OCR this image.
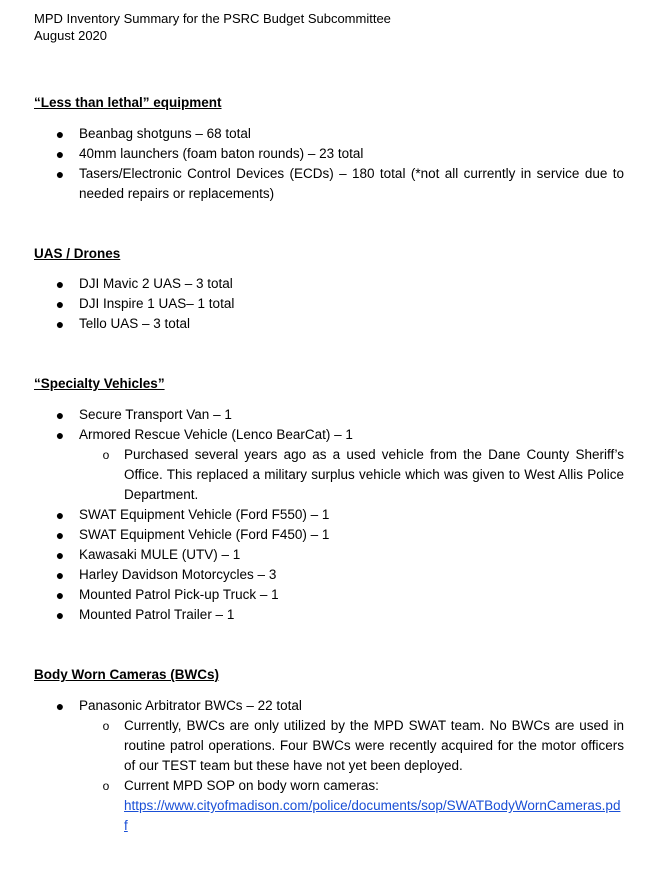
MPD Inventory Summary for the PSRC Budget Subcommittee
August 2020
“Less than lethal” equipment
● Beanbag shotguns – 68 total
● 40mm launchers (foam baton rounds) – 23 total
● Tasers/Electronic Control Devices (ECDs) – 180 total (*not all currently in service due to needed repairs or replacements)
UAS / Drones
● DJI Mavic 2 UAS – 3 total
● DJI Inspire 1 UAS– 1 total
● Tello UAS – 3 total
“Specialty Vehicles”
● Secure Transport Van – 1
● Armored Rescue Vehicle (Lenco BearCat) – 1
o Purchased several years ago as a used vehicle from the Dane County Sheriff’s Office. This replaced a military surplus vehicle which was given to West Allis Police Department.
● SWAT Equipment Vehicle (Ford F550) – 1
● SWAT Equipment Vehicle (Ford F450) – 1
● Kawasaki MULE (UTV) – 1
● Harley Davidson Motorcycles – 3
● Mounted Patrol Pick-up Truck – 1
● Mounted Patrol Trailer – 1
Body Worn Cameras (BWCs)
● Panasonic Arbitrator BWCs – 22 total
o Currently, BWCs are only utilized by the MPD SWAT team. No BWCs are used in routine patrol operations. Four BWCs were recently acquired for the motor officers of our TEST team but these have not yet been deployed.
o Current MPD SOP on body worn cameras:
https://www.cityofmadison.com/police/documents/sop/SWATBodyWornCameras.pdf
